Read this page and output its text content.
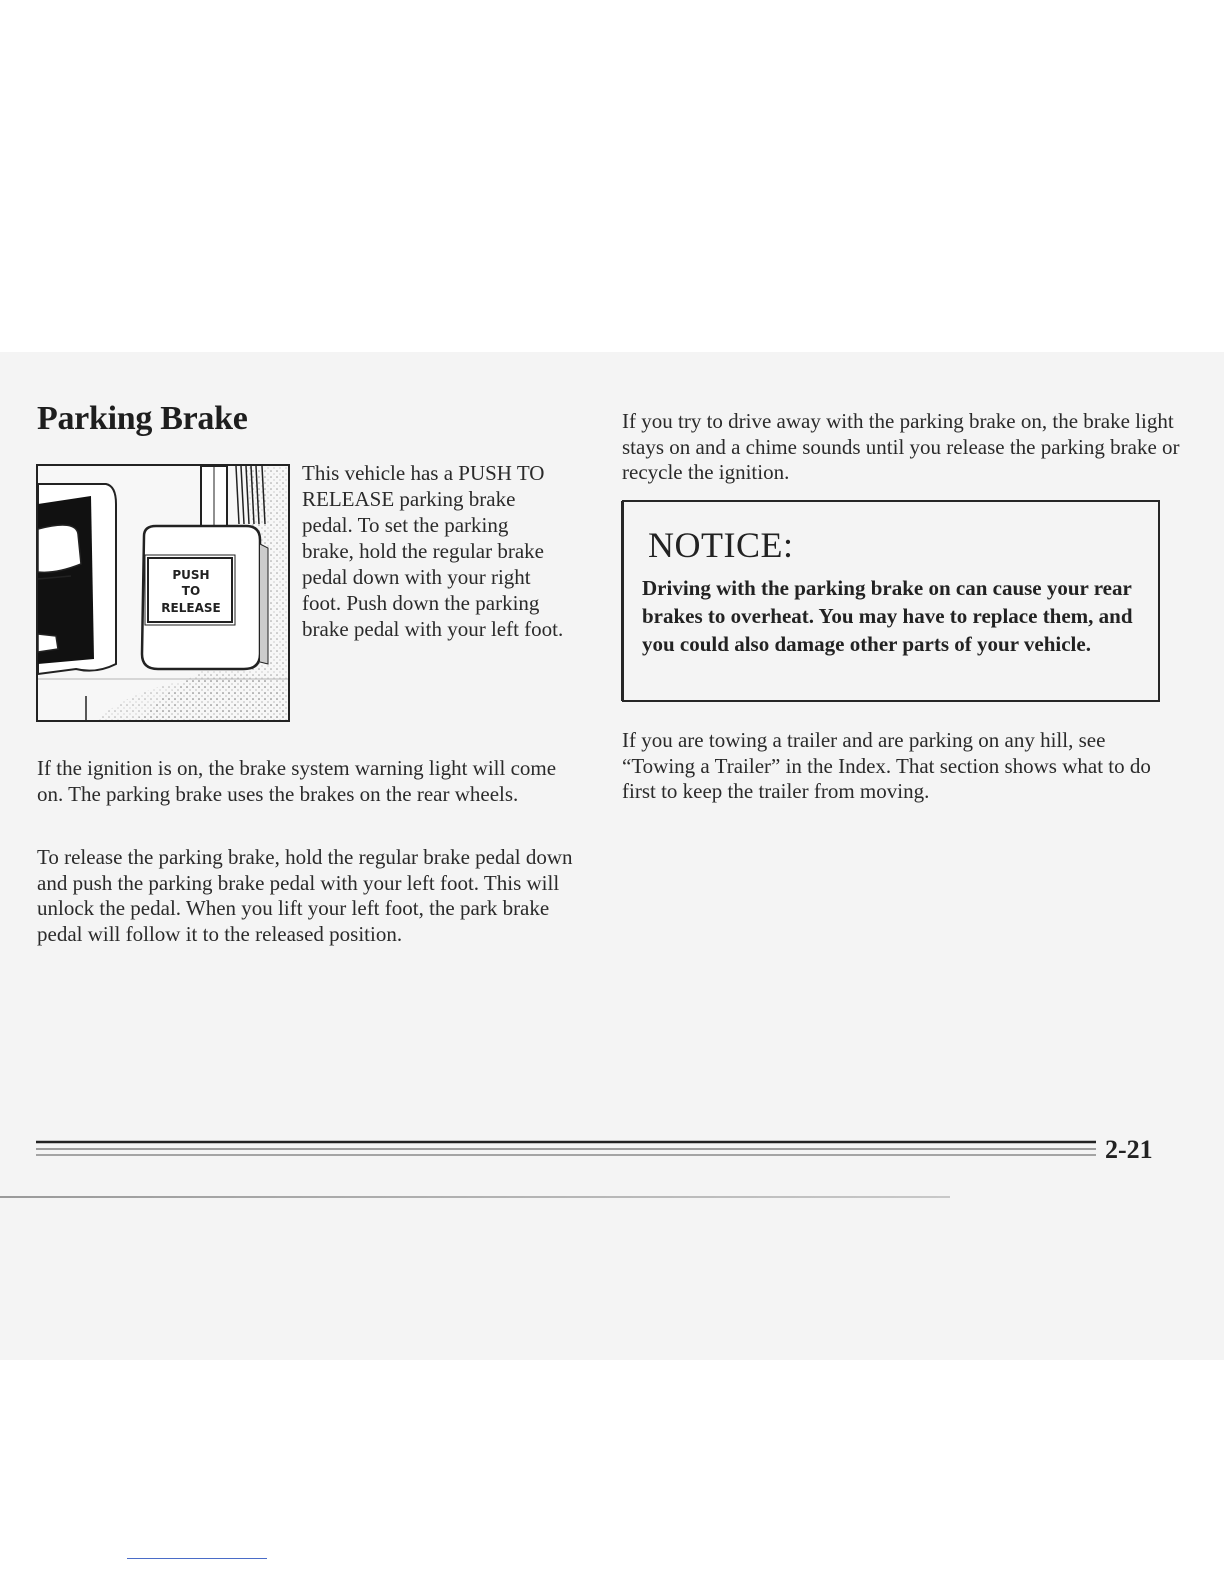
Parking Brake
PUSH
TO
RELEASE

This vehicle has a PUSH TO RELEASE parking brake pedal. To set the parking brake, hold the regular brake pedal down with your right foot. Push down the parking brake pedal with your left foot.

If the ignition is on, the brake system warning light will come on. The parking brake uses the brakes on the rear wheels.

To release the parking brake, hold the regular brake pedal down and push the parking brake pedal with your left foot. This will unlock the pedal. When you lift your left foot, the park brake pedal will follow it to the released position.

If you try to drive away with the parking brake on, the brake light stays on and a chime sounds until you release the parking brake or recycle the ignition.

NOTICE:

Driving with the parking brake on can cause your rear brakes to overheat. You may have to replace them, and you could also damage other parts of your vehicle.

If you are towing a trailer and are parking on any hill, see “Towing a Trailer” in the Index. That section shows what to do first to keep the trailer from moving.

2-21
